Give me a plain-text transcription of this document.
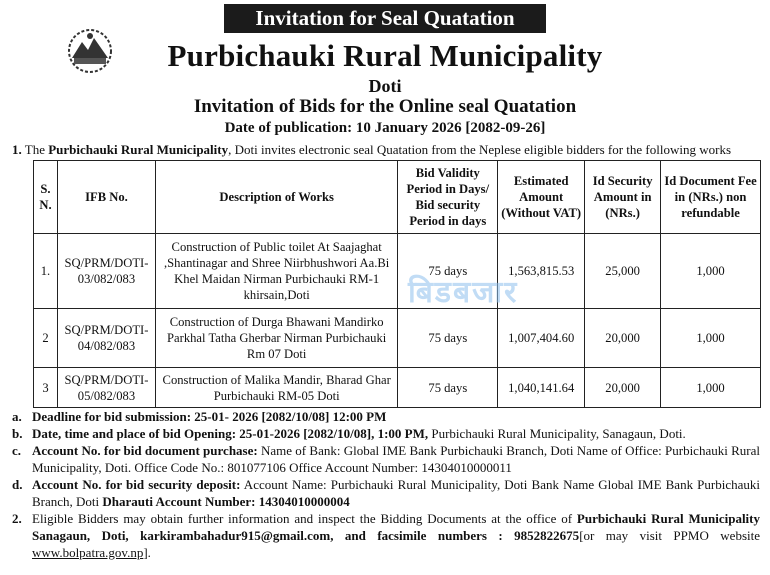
Invitation for Seal Quatation
Purbichauki Rural Municipality
Doti
Invitation of Bids for the Online seal Quatation
Date of publication: 10 January 2026 [2082-09-26]
1. The Purbichauki Rural Municipality, Doti invites electronic seal Quatation from the Neplese eligible bidders for the following works
S. N.	IFB No.	Description of Works	Bid Validity Period in Days/ Bid security Period in days	Estimated Amount (Without VAT)	Id Security Amount in (NRs.)	Id Document Fee in (NRs.) non refundable
1.	SQ/PRM/DOTI-03/082/083	Construction of Public toilet At Saajaghat ,Shantinagar and Shree Niirbhushwori Aa.Bi Khel Maidan Nirman Purbichauki RM-1 khirsain,Doti	75 days	1,563,815.53	25,000	1,000
2	SQ/PRM/DOTI-04/082/083	Construction of Durga Bhawani Mandirko Parkhal Tatha Gherbar Nirman Purbichauki Rm 07 Doti	75 days	1,007,404.60	20,000	1,000
3	SQ/PRM/DOTI-05/082/083	Construction of Malika Mandir, Bharad Ghar Purbichauki RM-05 Doti	75 days	1,040,141.64	20,000	1,000
बिडबजार
a. Deadline for bid submission: 25-01- 2026 [2082/10/08] 12:00 PM
b. Date, time and place of bid Opening: 25-01-2026 [2082/10/08], 1:00 PM, Purbichauki Rural Municipality, Sanagaun, Doti.
c. Account No. for bid document purchase: Name of Bank: Global IME Bank Purbichauki Branch, Doti Name of Office: Purbichauki Rural Municipality, Doti. Office Code No.: 801077106 Office Account Number: 14304010000011
d. Account No. for bid security deposit: Account Name: Purbichauki Rural Municipality, Doti Bank Name Global IME Bank Purbichauki Branch, Doti Dharauti Account Number: 14304010000004
2. Eligible Bidders may obtain further information and inspect the Bidding Documents at the office of Purbichauki Rural Municipality Sanagaun, Doti, karkirambahadur915@gmail.com, and facsimile numbers : 9852822675[or may visit PPMO website www.bolpatra.gov.np].
